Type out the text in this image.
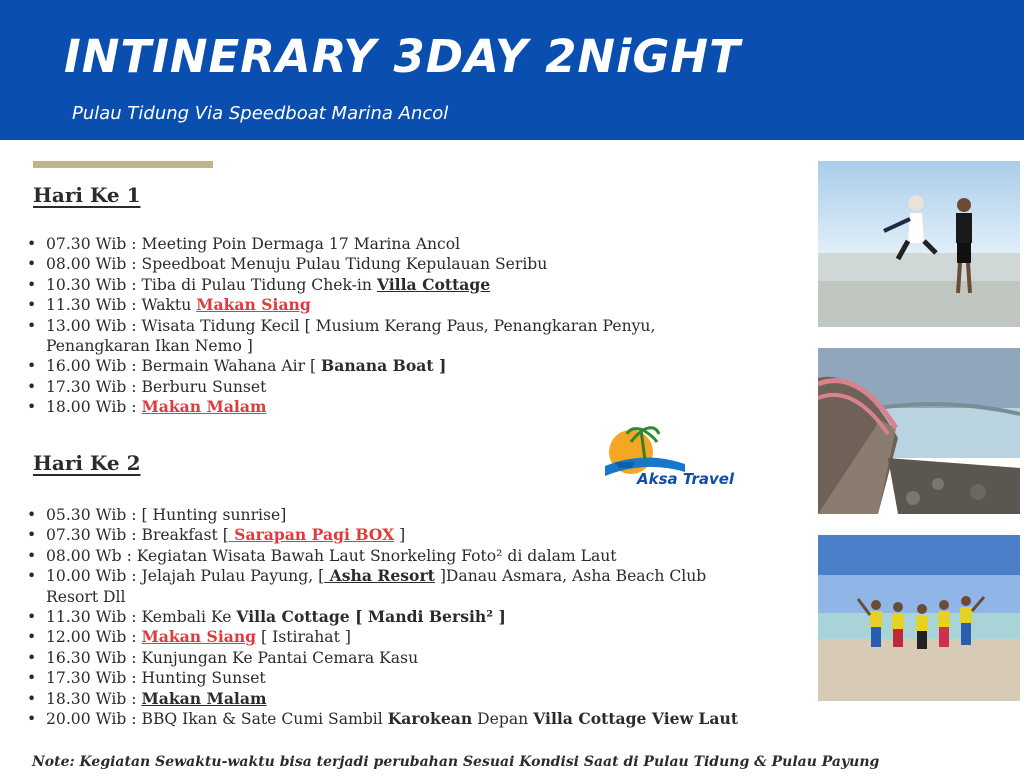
INTINERARY 3DAY 2NiGHT
Pulau Tidung Via Speedboat Marina Ancol
Hari Ke 1
• 07.30 Wib : Meeting Poin Dermaga 17 Marina Ancol
• 08.00 Wib : Speedboat Menuju Pulau Tidung Kepulauan Seribu
• 10.30 Wib : Tiba di Pulau Tidung Chek-in Villa Cottage
• 11.30 Wib : Waktu Makan Siang
• 13.00 Wib : Wisata Tidung Kecil [ Musium Kerang Paus, Penangkaran Penyu,
Penangkaran Ikan Nemo ]
• 16.00 Wib : Bermain Wahana Air [ Banana Boat ]
• 17.30 Wib : Berburu Sunset
• 18.00 Wib : Makan Malam
Hari Ke 2
Aksa Travel
• 05.30 Wib : [ Hunting sunrise]
• 07.30 Wib : Breakfast [ Sarapan Pagi BOX ]
• 08.00 Wb : Kegiatan Wisata Bawah Laut Snorkeling Foto² di dalam Laut
• 10.00 Wib : Jelajah Pulau Payung, [ Asha Resort ]Danau Asmara, Asha Beach Club
Resort Dll
• 11.30 Wib : Kembali Ke Villa Cottage [ Mandi Bersih² ]
• 12.00 Wib : Makan Siang [ Istirahat ]
• 16.30 Wib : Kunjungan Ke Pantai Cemara Kasu
• 17.30 Wib : Hunting Sunset
• 18.30 Wib : Makan Malam
• 20.00 Wib : BBQ Ikan & Sate Cumi Sambil Karokean Depan Villa Cottage View Laut
Note: Kegiatan Sewaktu-waktu bisa terjadi perubahan Sesuai Kondisi Saat di Pulau Tidung & Pulau Payung
